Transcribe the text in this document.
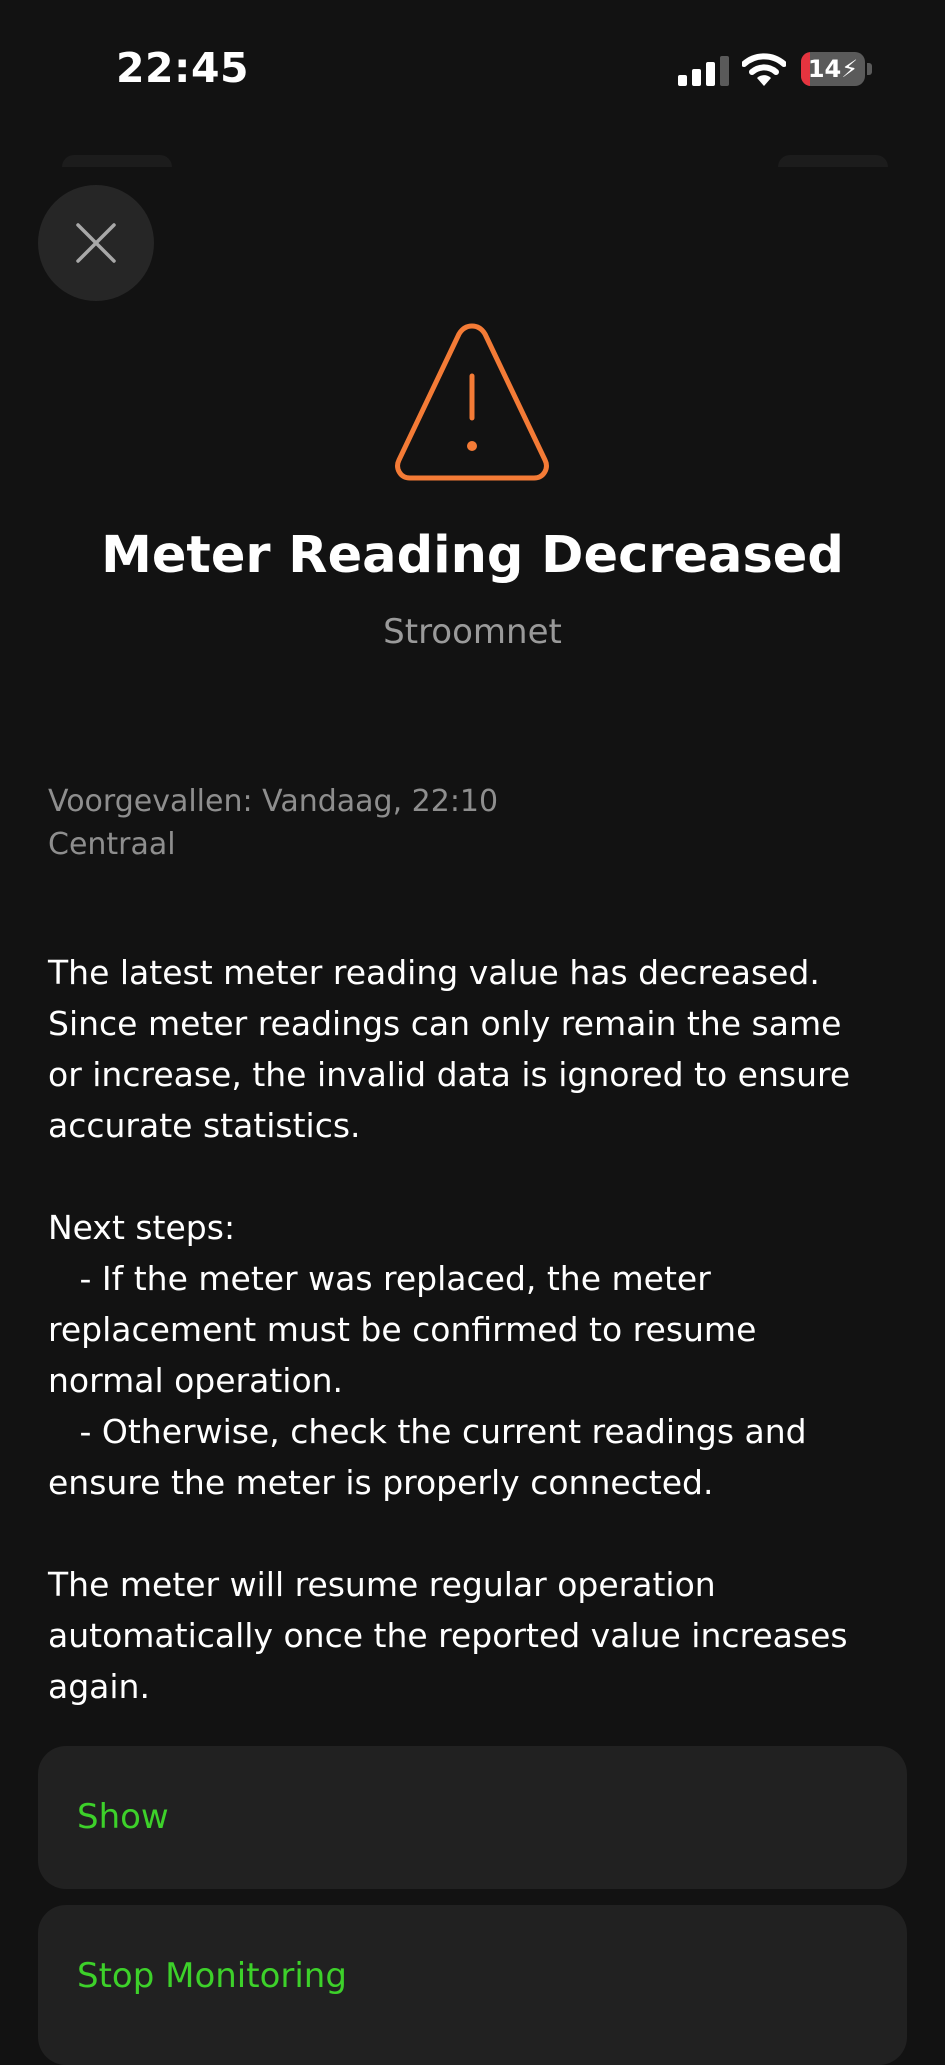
22:45	14⚡
Meter Reading Decreased
Stroomnet
Voorgevallen: Vandaag, 22:10
Centraal

The latest meter reading value has decreased.
Since meter readings can only remain the same
or increase, the invalid data is ignored to ensure
accurate statistics.

Next steps:
- If the meter was replaced, the meter
replacement must be confirmed to resume
normal operation.
- Otherwise, check the current readings and
ensure the meter is properly connected.

The meter will resume regular operation
automatically once the reported value increases
again.

Show
Stop Monitoring
